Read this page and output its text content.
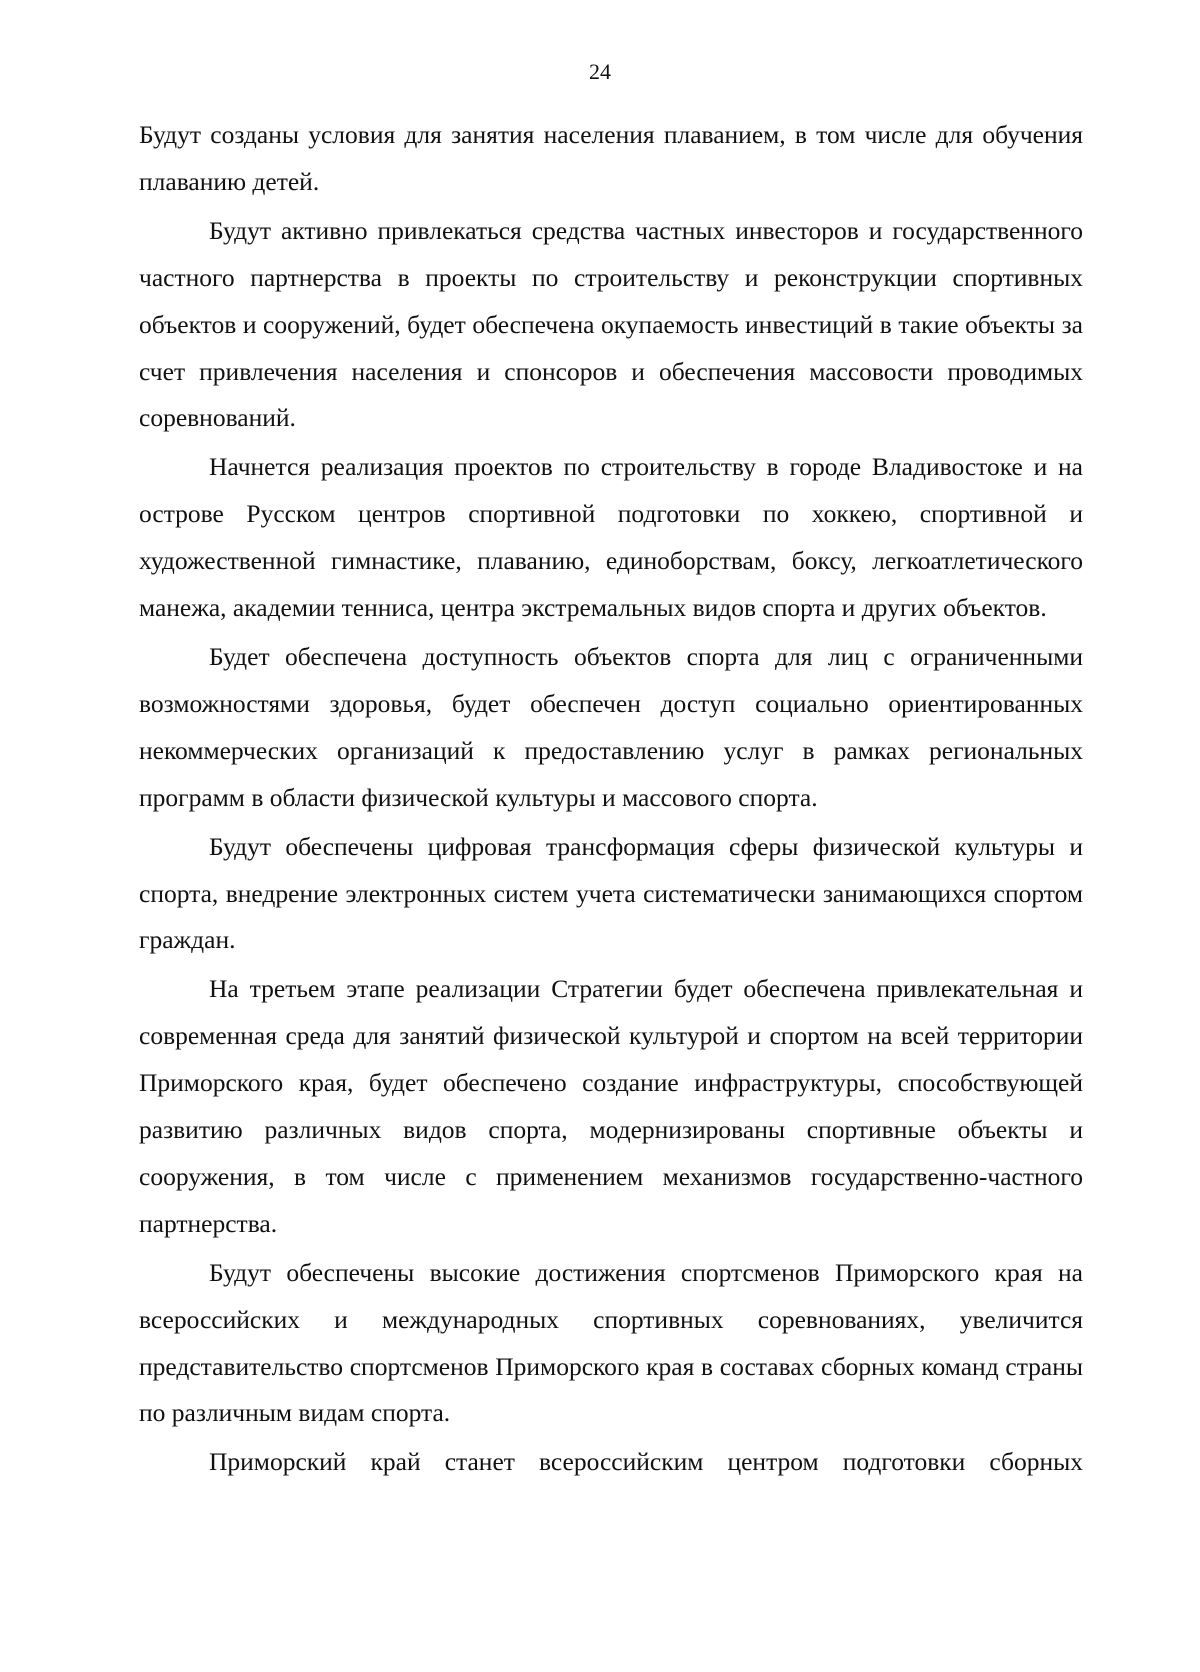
24

Будут созданы условия для занятия населения плаванием, в том числе для обучения плаванию детей.

Будут активно привлекаться средства частных инвесторов и государственного частного партнерства в проекты по строительству и реконструкции спортивных объектов и сооружений, будет обеспечена окупаемость инвестиций в такие объекты за счет привлечения населения и спонсоров и обеспечения массовости проводимых соревнований.

Начнется реализация проектов по строительству в городе Владивостоке и на острове Русском центров спортивной подготовки по хоккею, спортивной и художественной гимнастике, плаванию, единоборствам, боксу, легкоатлетического манежа, академии тенниса, центра экстремальных видов спорта и других объектов.

Будет обеспечена доступность объектов спорта для лиц с ограниченными возможностями здоровья, будет обеспечен доступ социально ориентированных некоммерческих организаций к предоставлению услуг в рамках региональных программ в области физической культуры и массового спорта.

Будут обеспечены цифровая трансформация сферы физической культуры и спорта, внедрение электронных систем учета систематически занимающихся спортом граждан.

На третьем этапе реализации Стратегии будет обеспечена привлекательная и современная среда для занятий физической культурой и спортом на всей территории Приморского края, будет обеспечено создание инфраструктуры, способствующей развитию различных видов спорта, модернизированы спортивные объекты и сооружения, в том числе с применением механизмов государственно-частного партнерства.

Будут обеспечены высокие достижения спортсменов Приморского края на всероссийских и международных спортивных соревнованиях, увеличится представительство спортсменов Приморского края в составах сборных команд страны по различным видам спорта.

Приморский край станет всероссийским центром подготовки сборных
